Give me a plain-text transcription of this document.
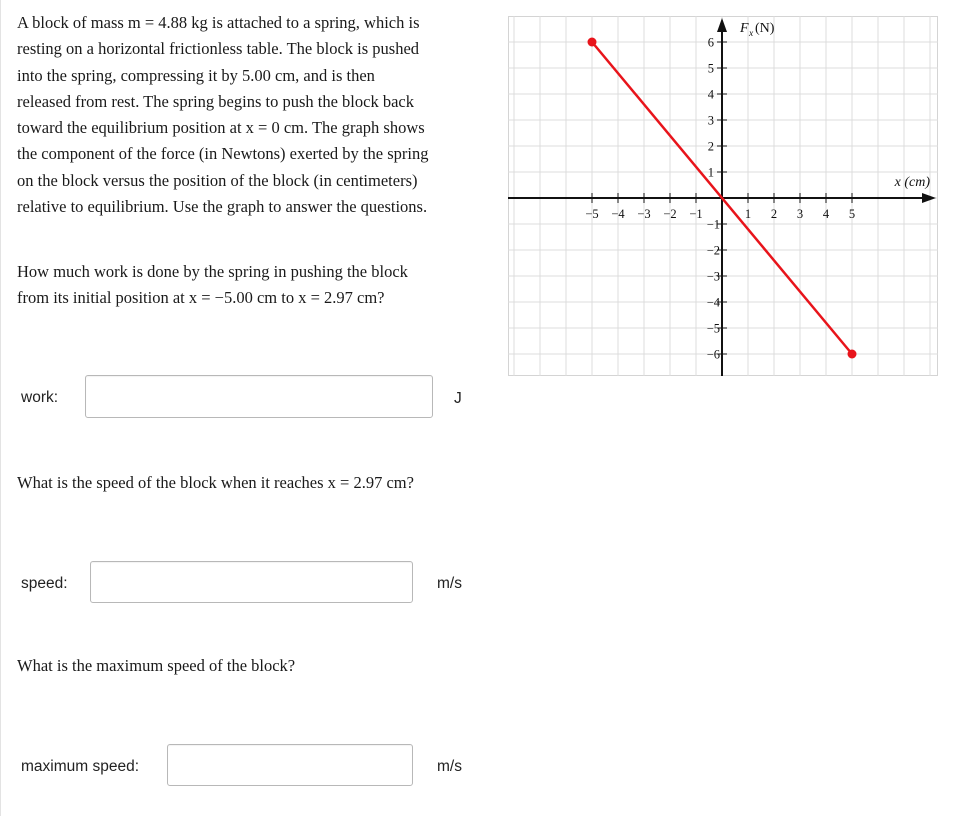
A block of mass m = 4.88 kg is attached to a spring, which is

resting on a horizontal frictionless table. The block is pushed

into the spring, compressing it by 5.00 cm, and is then

released from rest. The spring begins to push the block back

toward the equilibrium position at x = 0 cm. The graph shows

the component of the force (in Newtons) exerted by the spring

on the block versus the position of the block (in centimeters)

relative to equilibrium. Use the graph to answer the questions.

How much work is done by the spring in pushing the block
from its initial position at x = −5.00 cm to x = 2.97 cm?
work:	J
What is the speed of the block when it reaches x = 2.97 cm?
speed:	m/s
What is the maximum speed of the block?
maximum speed:	m/s
−5 −4 −3 −2 −1	1 2 3 4 5
6
5
4
3
2
1
−1
−2
−3
−4
−5
−6
F x (N)
x (cm)
